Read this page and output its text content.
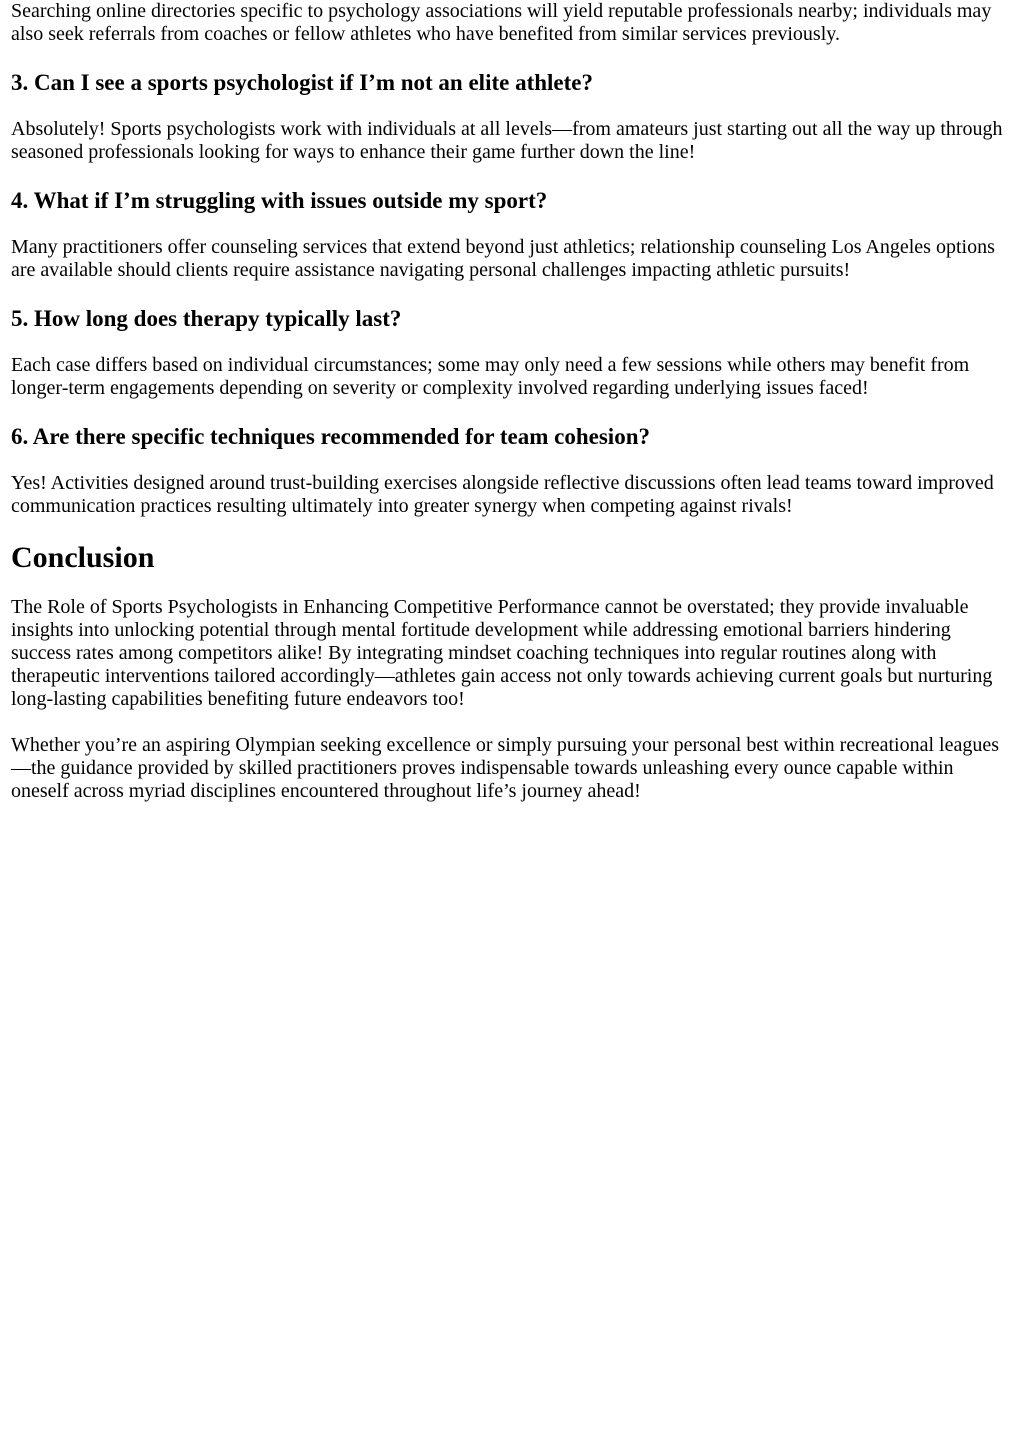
Searching online directories specific to psychology associations will yield reputable professionals nearby; individuals may also seek referrals from coaches or fellow athletes who have benefited from similar services previously.

3. Can I see a sports psychologist if I’m not an elite athlete?

Absolutely! Sports psychologists work with individuals at all levels—from amateurs just starting out all the way up through seasoned professionals looking for ways to enhance their game further down the line!

4. What if I’m struggling with issues outside my sport?

Many practitioners offer counseling services that extend beyond just athletics; relationship counseling Los Angeles options are available should clients require assistance navigating personal challenges impacting athletic pursuits!

5. How long does therapy typically last?

Each case differs based on individual circumstances; some may only need a few sessions while others may benefit from longer-term engagements depending on severity or complexity involved regarding underlying issues faced!

6. Are there specific techniques recommended for team cohesion?

Yes! Activities designed around trust-building exercises alongside reflective discussions often lead teams toward improved communication practices resulting ultimately into greater synergy when competing against rivals!

Conclusion

The Role of Sports Psychologists in Enhancing Competitive Performance cannot be overstated; they provide invaluable insights into unlocking potential through mental fortitude development while addressing emotional barriers hindering success rates among competitors alike! By integrating mindset coaching techniques into regular routines along with therapeutic interventions tailored accordingly—athletes gain access not only towards achieving current goals but nurturing long-lasting capabilities benefiting future endeavors too!

Whether you’re an aspiring Olympian seeking excellence or simply pursuing your personal best within recreational leagues—the guidance provided by skilled practitioners proves indispensable towards unleashing every ounce capable within oneself across myriad disciplines encountered throughout life’s journey ahead!
